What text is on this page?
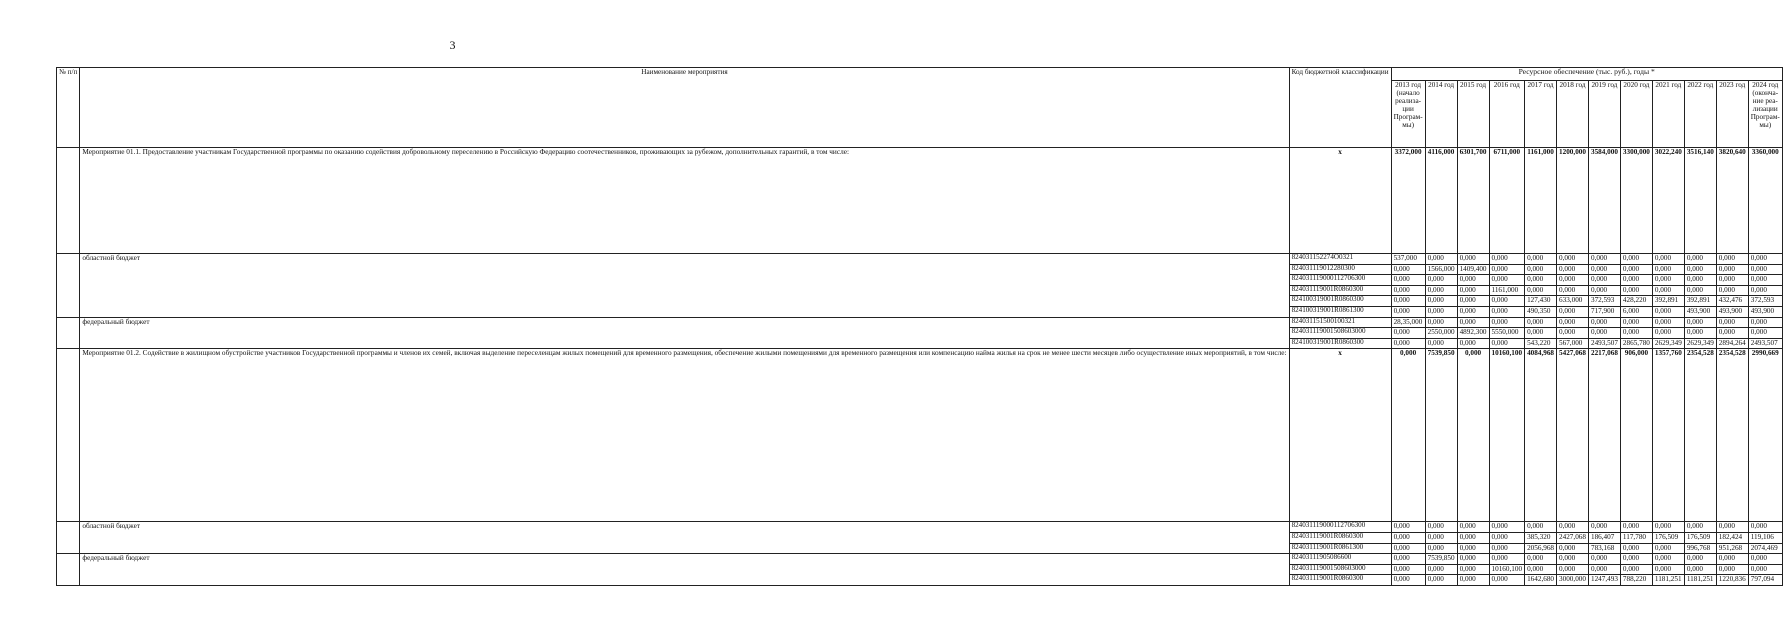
3
№ п/п	Наименование мероприятия	Код бюджетной классификации	Ресурсное обеспечение (тыс. руб.), годы *											
			2013 год (начало реализа-ции Програм-мы)	2014 год	2015 год	2016 год	2017 год	2018 год	2019 год	2020 год	2021 год	2022 год	2023 год	2024 год (оконча-ние реа-лизации Програм-мы)
	Мероприятие 01.1. Предоставление участникам Государственной программы по оказанию содействия добровольному переселению в Российскую Федерацию соотечественников, проживающих за рубежом, дополнительных гарантий, в том числе:	x	3372,000	4116,000	6301,700	6711,000	1161,000	1200,000	3584,000	3300,000	3022,240	3516,140	3820,640	3360,000
	областной бюджет	824031152274О0321	537,000	0,000	0,000	0,000	0,000	0,000	0,000	0,000	0,000	0,000	0,000	0,000
		824031119012280300	0,000	1566,000	1409,400	0,000	0,000	0,000	0,000	0,000	0,000	0,000	0,000	0,000
		824031119000112706300	0,000	0,000	0,000	0,000	0,000	0,000	0,000	0,000	0,000	0,000	0,000	0,000
		824031119001R0860300	0,000	0,000	0,000	1161,000	0,000	0,000	0,000	0,000	0,000	0,000	0,000	0,000
		824100319001R0860300	0,000	0,000	0,000	0,000	127,430	633,000	372,593	428,220	392,891	392,891	432,476	372,593
		824100319001R0861300	0,000	0,000	0,000	0,000	490,350	0,000	717,900	6,000	0,000	493,900	493,900	493,900
	федеральный бюджет	824031151500100321	28,35,000	0,000	0,000	0,000	0,000	0,000	0,000	0,000	0,000	0,000	0,000	0,000
		824031119001508603000	0,000	2550,000	4892,300	5550,000	0,000	0,000	0,000	0,000	0,000	0,000	0,000	0,000
		824100319001R0860300	0,000	0,000	0,000	0,000	543,220	567,000	2493,507	2865,780	2629,349	2629,349	2894,264	2493,507
	Мероприятие 01.2. Содействие в жилищном обустройстве участников Государственной программы и членов их семей, включая выделение переселенцам жилых помещений для временного размещения, обеспечение жилыми помещениями для временного размещения или компенсацию найма жилья на срок не менее шести месяцев либо осуществление иных мероприятий, в том числе:	x	0,000	7539,850	0,000	10160,100	4084,968	5427,068	2217,068	906,000	1357,760	2354,528	2354,528	2990,669
	областной бюджет	824031119000112706300	0,000	0,000	0,000	0,000	0,000	0,000	0,000	0,000	0,000	0,000	0,000	0,000
		824031119001R0860300	0,000	0,000	0,000	0,000	385,320	2427,068	186,407	117,780	176,509	176,509	182,424	119,106
		824031119001R0861300	0,000	0,000	0,000	0,000	2056,968	0,000	783,168	0,000	0,000	996,768	951,268	2074,469
	федеральный бюджет	82403111905086600	0,000	7539,850	0,000	0,000	0,000	0,000	0,000	0,000	0,000	0,000	0,000	0,000
		824031119001508603000	0,000	0,000	0,000	10160,100	0,000	0,000	0,000	0,000	0,000	0,000	0,000	0,000
		824031119001R0860300	0,000	0,000	0,000	0,000	1642,680	3000,000	1247,493	788,220	1181,251	1181,251	1220,836	797,094
